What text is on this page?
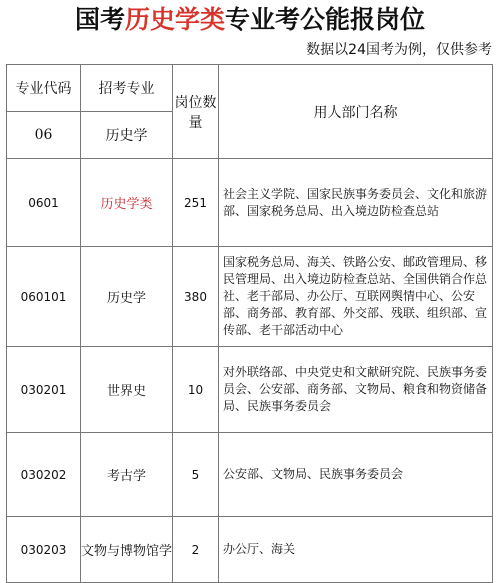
国考历史学类专业考公能报岗位
数据以24国考为例，仅供参考
专业代码	招考专业	岗位数量	用人部门名称
06	历史学		
0601	历史学类	251	社会主义学院、国家民族事务委员会、文化和旅游部、国家税务总局、出入境边防检查总站
060101	历史学	380	国家税务总局、海关、铁路公安、邮政管理局、移民管理局、出入境边防检查总站、全国供销合作总社、老干部局、办公厅、互联网舆情中心、公安部、商务部、教育部、外交部、残联、组织部、宣传部、老干部活动中心
030201	世界史	10	对外联络部、中央党史和文献研究院、民族事务委员会、公安部、商务部、文物局、粮食和物资储备局、民族事务委员会
030202	考古学	5	公安部、文物局、民族事务委员会
030203	文物与博物馆学	2	办公厅、海关
